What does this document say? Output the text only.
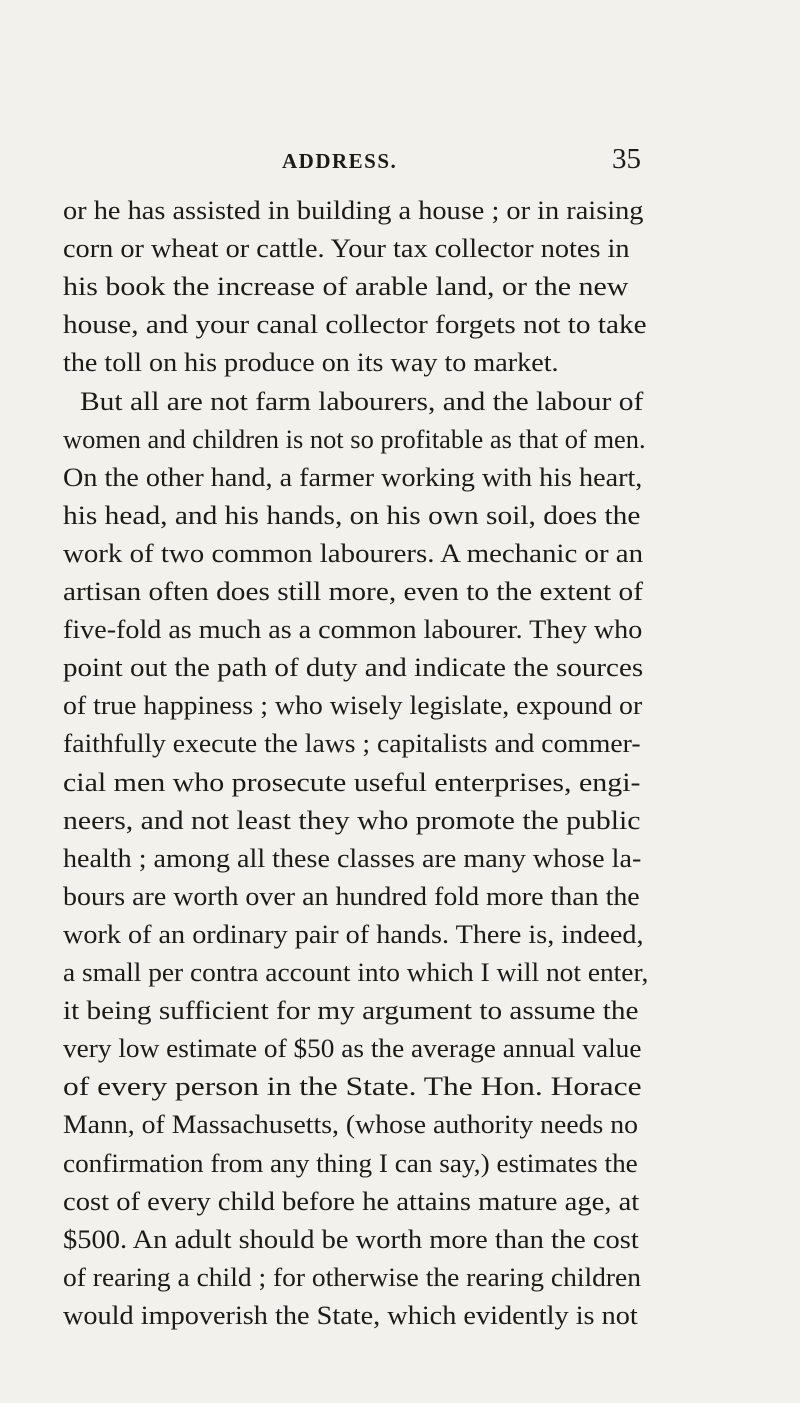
ADDRESS.	35
or he has assisted in building a house ; or in raising
corn or wheat or cattle. Your tax collector notes in
his book the increase of arable land, or the new
house, and your canal collector forgets not to take
the toll on his produce on its way to market.
But all are not farm labourers, and the labour of
women and children is not so profitable as that of men.
On the other hand, a farmer working with his heart,
his head, and his hands, on his own soil, does the
work of two common labourers. A mechanic or an
artisan often does still more, even to the extent of
five-fold as much as a common labourer. They who
point out the path of duty and indicate the sources
of true happiness ; who wisely legislate, expound or
faithfully execute the laws ; capitalists and commer-
cial men who prosecute useful enterprises, engi-
neers, and not least they who promote the public
health ; among all these classes are many whose la-
bours are worth over an hundred fold more than the
work of an ordinary pair of hands. There is, indeed,
a small per contra account into which I will not enter,
it being sufficient for my argument to assume the
very low estimate of $50 as the average annual value
of every person in the State. The Hon. Horace
Mann, of Massachusetts, (whose authority needs no
confirmation from any thing I can say,) estimates the
cost of every child before he attains mature age, at
$500. An adult should be worth more than the cost
of rearing a child ; for otherwise the rearing children
would impoverish the State, which evidently is not
